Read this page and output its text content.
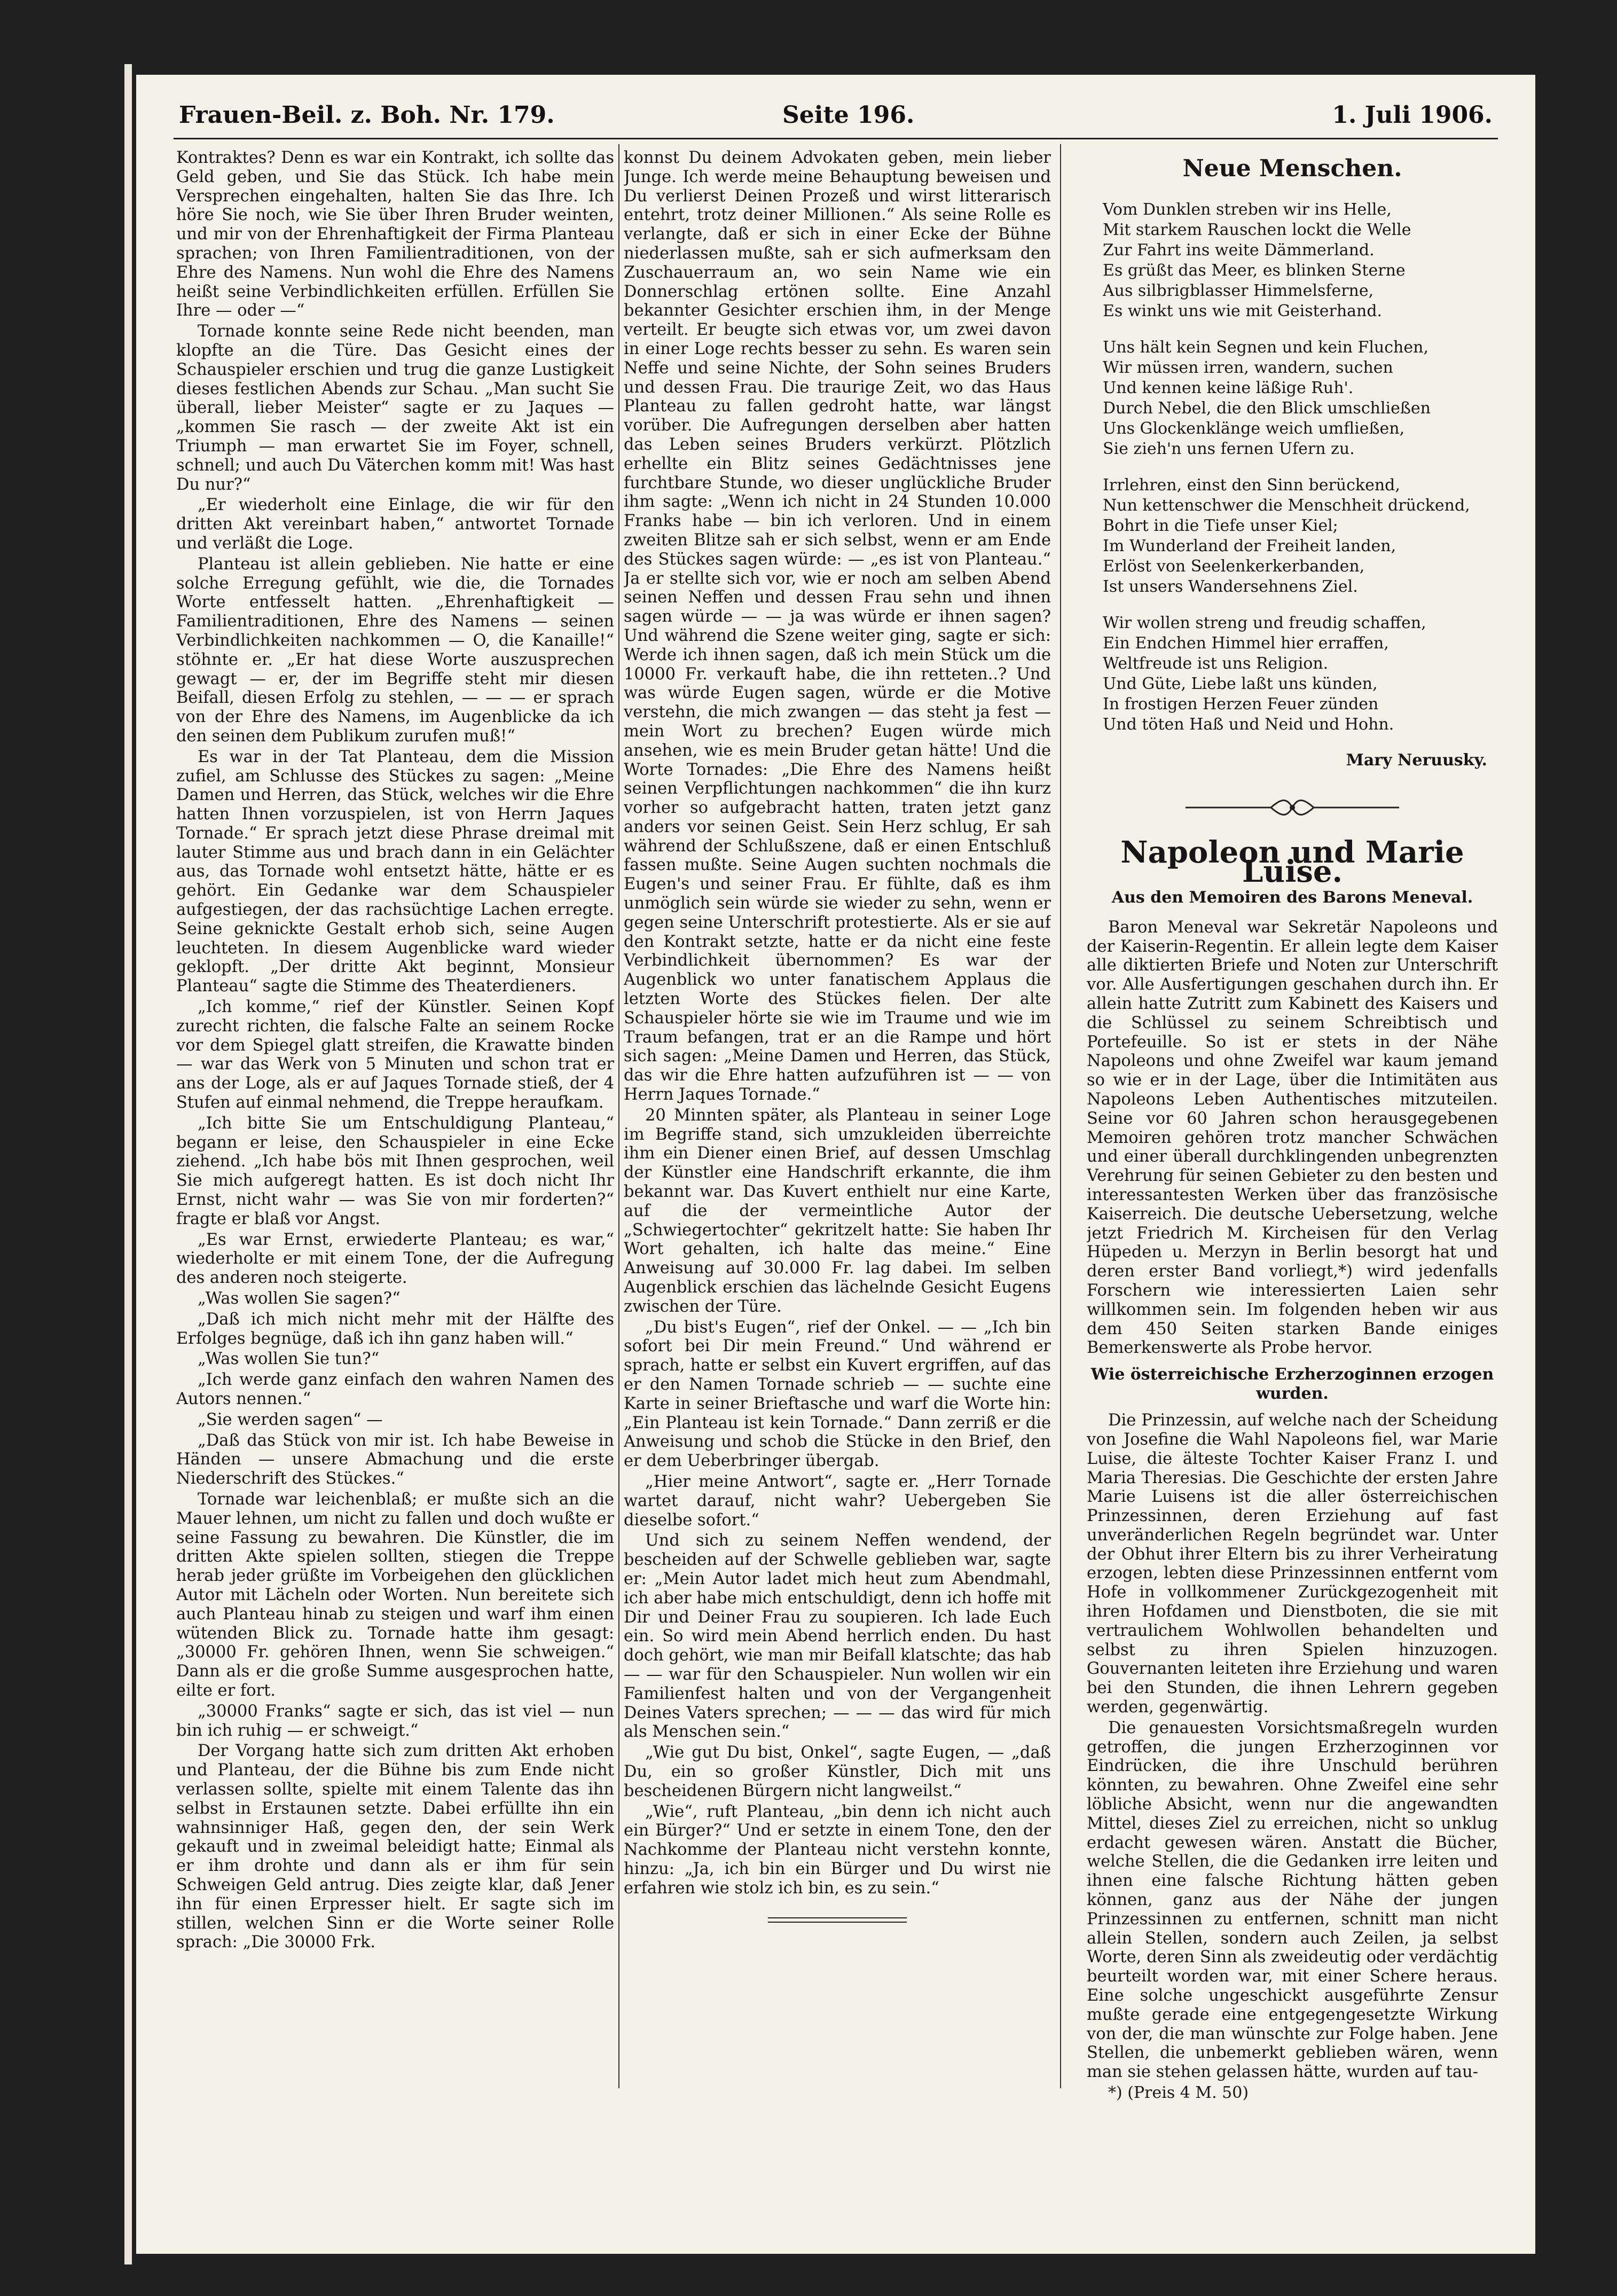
Frauen-Beil. z. Boh. Nr. 179.	Seite 196.	1. Juli 1906.

Kontraktes? Denn es war ein Kontrakt, ich sollte das Geld geben, und Sie das Stück. Ich habe mein Versprechen eingehalten, halten Sie das Ihre. Ich höre Sie noch, wie Sie über Ihren Bruder weinten, und mir von der Ehrenhaftigkeit der Firma Planteau sprachen; von Ihren Familientraditionen, von der Ehre des Namens. Nun wohl die Ehre des Namens heißt seine Verbindlichkeiten erfüllen. Erfüllen Sie Ihre — oder —“

Tornade konnte seine Rede nicht beenden, man klopfte an die Türe. Das Gesicht eines der Schauspieler erschien und trug die ganze Lustigkeit dieses festlichen Abends zur Schau. „Man sucht Sie überall, lieber Meister“ sagte er zu Jaques — „kommen Sie rasch — der zweite Akt ist ein Triumph — man erwartet Sie im Foyer, schnell, schnell; und auch Du Väterchen komm mit! Was hast Du nur?“

„Er wiederholt eine Einlage, die wir für den dritten Akt vereinbart haben,“ antwortet Tornade und verläßt die Loge.

Planteau ist allein geblieben. Nie hatte er eine solche Erregung gefühlt, wie die, die Tornades Worte entfesselt hatten. „Ehrenhaftigkeit — Familientraditionen, Ehre des Namens — seinen Verbindlichkeiten nachkommen — O, die Kanaille!“ stöhnte er. „Er hat diese Worte auszusprechen gewagt — er, der im Begriffe steht mir diesen Beifall, diesen Erfolg zu stehlen, — — — er sprach von der Ehre des Namens, im Augenblicke da ich den seinen dem Publikum zurufen muß!“

Es war in der Tat Planteau, dem die Mission zufiel, am Schlusse des Stückes zu sagen: „Meine Damen und Herren, das Stück, welches wir die Ehre hatten Ihnen vorzuspielen, ist von Herrn Jaques Tornade.“ Er sprach jetzt diese Phrase dreimal mit lauter Stimme aus und brach dann in ein Gelächter aus, das Tornade wohl entsetzt hätte, hätte er es gehört. Ein Gedanke war dem Schauspieler aufgestiegen, der das rachsüchtige Lachen erregte. Seine geknickte Gestalt erhob sich, seine Augen leuchteten. In diesem Augenblicke ward wieder geklopft. „Der dritte Akt beginnt, Monsieur Planteau“ sagte die Stimme des Theaterdieners.

„Ich komme,“ rief der Künstler. Seinen Kopf zurecht richten, die falsche Falte an seinem Rocke vor dem Spiegel glatt streifen, die Krawatte binden — war das Werk von 5 Minuten und schon trat er ans der Loge, als er auf Jaques Tornade stieß, der 4 Stufen auf einmal nehmend, die Treppe heraufkam.

„Ich bitte Sie um Entschuldigung Planteau,“ begann er leise, den Schauspieler in eine Ecke ziehend. „Ich habe bös mit Ihnen gesprochen, weil Sie mich aufgeregt hatten. Es ist doch nicht Ihr Ernst, nicht wahr — was Sie von mir forderten?“ fragte er blaß vor Angst.

„Es war Ernst, erwiederte Planteau; es war,“ wiederholte er mit einem Tone, der die Aufregung des anderen noch steigerte.

„Was wollen Sie sagen?“

„Daß ich mich nicht mehr mit der Hälfte des Erfolges begnüge, daß ich ihn ganz haben will.“

„Was wollen Sie tun?“

„Ich werde ganz einfach den wahren Namen des Autors nennen.“

„Sie werden sagen“ —

„Daß das Stück von mir ist. Ich habe Beweise in Händen — unsere Abmachung und die erste Niederschrift des Stückes.“

Tornade war leichenblaß; er mußte sich an die Mauer lehnen, um nicht zu fallen und doch wußte er seine Fassung zu bewahren. Die Künstler, die im dritten Akte spielen sollten, stiegen die Treppe herab jeder grüßte im Vorbeigehen den glücklichen Autor mit Lächeln oder Worten. Nun bereitete sich auch Planteau hinab zu steigen und warf ihm einen wütenden Blick zu. Tornade hatte ihm gesagt: „30000 Fr. gehören Ihnen, wenn Sie schweigen.“ Dann als er die große Summe ausgesprochen hatte, eilte er fort.

„30000 Franks“ sagte er sich, das ist viel — nun bin ich ruhig — er schweigt.“

Der Vorgang hatte sich zum dritten Akt erhoben und Planteau, der die Bühne bis zum Ende nicht verlassen sollte, spielte mit einem Talente das ihn selbst in Erstaunen setzte. Dabei erfüllte ihn ein wahnsinniger Haß, gegen den, der sein Werk gekauft und in zweimal beleidigt hatte; Einmal als er ihm drohte und dann als er ihm für sein Schweigen Geld antrug. Dies zeigte klar, daß Jener ihn für einen Erpresser hielt. Er sagte sich im stillen, welchen Sinn er die Worte seiner Rolle sprach: „Die 30000 Frk.

konnst Du deinem Advokaten geben, mein lieber Junge. Ich werde meine Behauptung beweisen und Du verlierst Deinen Prozeß und wirst litterarisch entehrt, trotz deiner Millionen.“ Als seine Rolle es verlangte, daß er sich in einer Ecke der Bühne niederlassen mußte, sah er sich aufmerksam den Zuschauerraum an, wo sein Name wie ein Donnerschlag ertönen sollte. Eine Anzahl bekannter Gesichter erschien ihm, in der Menge verteilt. Er beugte sich etwas vor, um zwei davon in einer Loge rechts besser zu sehn. Es waren sein Neffe und seine Nichte, der Sohn seines Bruders und dessen Frau. Die traurige Zeit, wo das Haus Planteau zu fallen gedroht hatte, war längst vorüber. Die Aufregungen derselben aber hatten das Leben seines Bruders verkürzt. Plötzlich erhellte ein Blitz seines Gedächtnisses jene furchtbare Stunde, wo dieser unglückliche Bruder ihm sagte: „Wenn ich nicht in 24 Stunden 10.000 Franks habe — bin ich verloren. Und in einem zweiten Blitze sah er sich selbst, wenn er am Ende des Stückes sagen würde: — „es ist von Planteau.“ Ja er stellte sich vor, wie er noch am selben Abend seinen Neffen und dessen Frau sehn und ihnen sagen würde — — ja was würde er ihnen sagen? Und während die Szene weiter ging, sagte er sich: Werde ich ihnen sagen, daß ich mein Stück um die 10000 Fr. verkauft habe, die ihn retteten..? Und was würde Eugen sagen, würde er die Motive verstehn, die mich zwangen — das steht ja fest — mein Wort zu brechen? Eugen würde mich ansehen, wie es mein Bruder getan hätte! Und die Worte Tornades: „Die Ehre des Namens heißt seinen Verpflichtungen nachkommen“ die ihn kurz vorher so aufgebracht hatten, traten jetzt ganz anders vor seinen Geist. Sein Herz schlug, Er sah während der Schlußszene, daß er einen Entschluß fassen mußte. Seine Augen suchten nochmals die Eugen's und seiner Frau. Er fühlte, daß es ihm unmöglich sein würde sie wieder zu sehn, wenn er gegen seine Unterschrift protestierte. Als er sie auf den Kontrakt setzte, hatte er da nicht eine feste Verbindlichkeit übernommen? Es war der Augenblick wo unter fanatischem Applaus die letzten Worte des Stückes fielen. Der alte Schauspieler hörte sie wie im Traume und wie im Traum befangen, trat er an die Rampe und hört sich sagen: „Meine Damen und Herren, das Stück, das wir die Ehre hatten aufzuführen ist — — von Herrn Jaques Tornade.“

20 Minnten später, als Planteau in seiner Loge im Begriffe stand, sich umzukleiden überreichte ihm ein Diener einen Brief, auf dessen Umschlag der Künstler eine Handschrift erkannte, die ihm bekannt war. Das Kuvert enthielt nur eine Karte, auf die der vermeintliche Autor der „Schwiegertochter“ gekritzelt hatte: Sie haben Ihr Wort gehalten, ich halte das meine.“ Eine Anweisung auf 30.000 Fr. lag dabei. Im selben Augenblick erschien das lächelnde Gesicht Eugens zwischen der Türe.

„Du bist's Eugen“, rief der Onkel. — — „Ich bin sofort bei Dir mein Freund.“ Und während er sprach, hatte er selbst ein Kuvert ergriffen, auf das er den Namen Tornade schrieb — — suchte eine Karte in seiner Brieftasche und warf die Worte hin: „Ein Planteau ist kein Tornade.“ Dann zerriß er die Anweisung und schob die Stücke in den Brief, den er dem Ueberbringer übergab.

„Hier meine Antwort“, sagte er. „Herr Tornade wartet darauf, nicht wahr? Uebergeben Sie dieselbe sofort.“

Und sich zu seinem Neffen wendend, der bescheiden auf der Schwelle geblieben war, sagte er: „Mein Autor ladet mich heut zum Abendmahl, ich aber habe mich entschuldigt, denn ich hoffe mit Dir und Deiner Frau zu soupieren. Ich lade Euch ein. So wird mein Abend herrlich enden. Du hast doch gehört, wie man mir Beifall klatschte; das hab — — war für den Schauspieler. Nun wollen wir ein Familienfest halten und von der Vergangenheit Deines Vaters sprechen; — — — das wird für mich als Menschen sein.“

„Wie gut Du bist, Onkel“, sagte Eugen, — „daß Du, ein so großer Künstler, Dich mit uns bescheidenen Bürgern nicht langweilst.“

„Wie“, ruft Planteau, „bin denn ich nicht auch ein Bürger?“ Und er setzte in einem Tone, den der Nachkomme der Planteau nicht verstehn konnte, hinzu: „Ja, ich bin ein Bürger und Du wirst nie erfahren wie stolz ich bin, es zu sein.“

Neue Menschen.
Vom Dunklen streben wir ins Helle,
Mit starkem Rauschen lockt die Welle
Zur Fahrt ins weite Dämmerland.
Es grüßt das Meer, es blinken Sterne
Aus silbrigblasser Himmelsferne,
Es winkt uns wie mit Geisterhand.
Uns hält kein Segnen und kein Fluchen,
Wir müssen irren, wandern, suchen
Und kennen keine läßige Ruh'.
Durch Nebel, die den Blick umschließen
Uns Glockenklänge weich umfließen,
Sie zieh'n uns fernen Ufern zu.
Irrlehren, einst den Sinn berückend,
Nun kettenschwer die Menschheit drückend,
Bohrt in die Tiefe unser Kiel;
Im Wunderland der Freiheit landen,
Erlöst von Seelenkerkerbanden,
Ist unsers Wandersehnens Ziel.
Wir wollen streng und freudig schaffen,
Ein Endchen Himmel hier erraffen,
Weltfreude ist uns Religion.
Und Güte, Liebe laßt uns künden,
In frostigen Herzen Feuer zünden
Und töten Haß und Neid und Hohn.
Mary Neruusky.
Napoleon und Marie Luise.
Aus den Memoiren des Barons Meneval.

Baron Meneval war Sekretär Napoleons und der Kaiserin-Regentin. Er allein legte dem Kaiser alle diktierten Briefe und Noten zur Unterschrift vor. Alle Ausfertigungen geschahen durch ihn. Er allein hatte Zutritt zum Kabinett des Kaisers und die Schlüssel zu seinem Schreibtisch und Portefeuille. So ist er stets in der Nähe Napoleons und ohne Zweifel war kaum jemand so wie er in der Lage, über die Intimitäten aus Napoleons Leben Authentisches mitzuteilen. Seine vor 60 Jahren schon herausgegebenen Memoiren gehören trotz mancher Schwächen und einer überall durchklingenden unbegrenzten Verehrung für seinen Gebieter zu den besten und interessantesten Werken über das französische Kaiserreich. Die deutsche Uebersetzung, welche jetzt Friedrich M. Kircheisen für den Verlag Hüpeden u. Merzyn in Berlin besorgt hat und deren erster Band vorliegt,*) wird jedenfalls Forschern wie interessierten Laien sehr willkommen sein. Im folgenden heben wir aus dem 450 Seiten starken Bande einiges Bemerkenswerte als Probe hervor.

Wie österreichische Erzherzoginnen erzogen wurden.

Die Prinzessin, auf welche nach der Scheidung von Josefine die Wahl Napoleons fiel, war Marie Luise, die älteste Tochter Kaiser Franz I. und Maria Theresias. Die Geschichte der ersten Jahre Marie Luisens ist die aller österreichischen Prinzessinnen, deren Erziehung auf fast unveränderlichen Regeln begründet war. Unter der Obhut ihrer Eltern bis zu ihrer Verheiratung erzogen, lebten diese Prinzessinnen entfernt vom Hofe in vollkommener Zurückgezogenheit mit ihren Hofdamen und Dienstboten, die sie mit vertraulichem Wohlwollen behandelten und selbst zu ihren Spielen hinzuzogen. Gouvernanten leiteten ihre Erziehung und waren bei den Stunden, die ihnen Lehrern gegeben werden, gegenwärtig.

Die genauesten Vorsichtsmaßregeln wurden getroffen, die jungen Erzherzoginnen vor Eindrücken, die ihre Unschuld berühren könnten, zu bewahren. Ohne Zweifel eine sehr löbliche Absicht, wenn nur die angewandten Mittel, dieses Ziel zu erreichen, nicht so unklug erdacht gewesen wären. Anstatt die Bücher, welche Stellen, die die Gedanken irre leiten und ihnen eine falsche Richtung hätten geben können, ganz aus der Nähe der jungen Prinzessinnen zu entfernen, schnitt man nicht allein Stellen, sondern auch Zeilen, ja selbst Worte, deren Sinn als zweideutig oder verdächtig beurteilt worden war, mit einer Schere heraus. Eine solche ungeschickt ausgeführte Zensur mußte gerade eine entgegengesetzte Wirkung von der, die man wünschte zur Folge haben. Jene Stellen, die unbemerkt geblieben wären, wenn man sie stehen gelassen hätte, wurden auf tau-

*) (Preis 4 M. 50)
